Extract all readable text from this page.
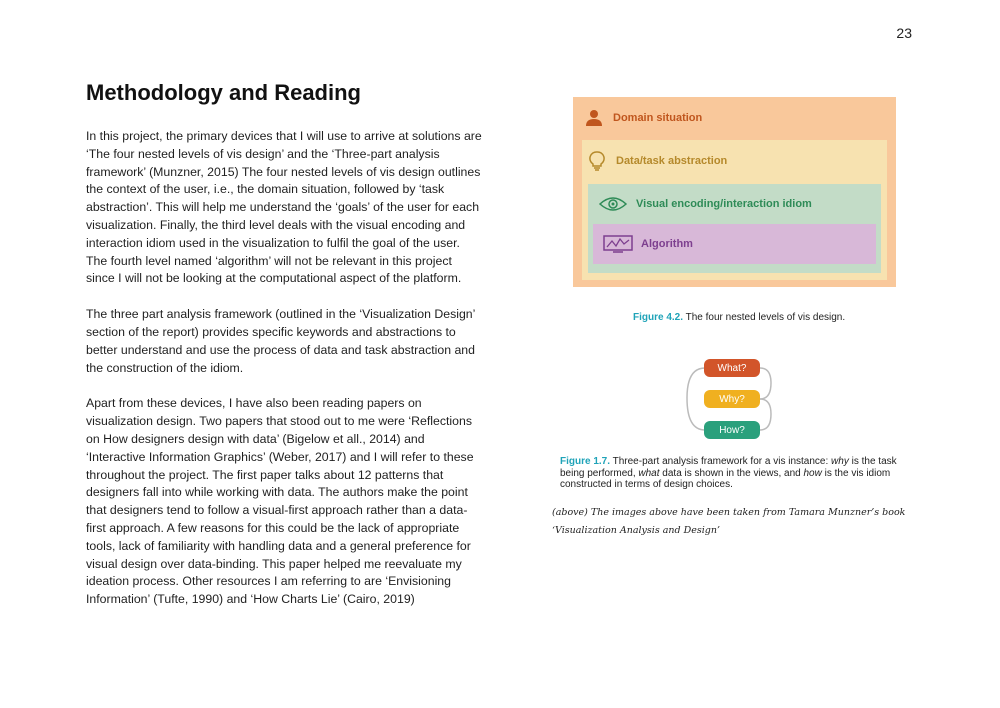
23
Methodology and Reading

In this project, the primary devices that I will use to arrive at solutions are ‘The four nested levels of vis design’ and the ‘Three-part analysis framework’ (Munzner, 2015) The four nested levels of vis design outlines the context of the user, i.e., the domain situation, followed by ‘task abstraction’. This will help me understand the ‘goals’ of the user for each visualization. Finally, the third level deals with the visual encoding and interaction idiom used in the visualization to fulfil the goal of the user. The fourth level named ‘algorithm’ will not be relevant in this project since I will not be looking at the computational aspect of the platform.

The three part analysis framework (outlined in the ‘Visualization Design’ section of the report) provides specific keywords and abstractions to better understand and use the process of data and task abstraction and the construction of the idiom.

Apart from these devices, I have also been reading papers on visualization design. Two papers that stood out to me were ‘Reflections on How designers design with data’ (Bigelow et all., 2014) and ‘Interactive Information Graphics’ (Weber, 2017) and I will refer to these throughout the project. The first paper talks about 12 patterns that designers fall into while working with data. The authors make the point that designers tend to follow a visual-first approach rather than a data-first approach. A few reasons for this could be the lack of appropriate tools, lack of familiarity with handling data and a general preference for visual design over data-binding. This paper helped me reevaluate my ideation process. Other resources I am referring to are ‘Envisioning Information’ (Tufte, 1990) and ‘How Charts Lie’ (Cairo, 2019)

Domain situation
Data/task abstraction
Visual encoding/interaction idiom
Algorithm
Figure 4.2. The four nested levels of vis design.
What?
Why?
How?
Figure 1.7. Three-part analysis framework for a vis instance: why is the task being performed, what data is shown in the views, and how is the vis idiom constructed in terms of design choices.
(above) The images above have been taken from Tamara Munzner’s book
‘Visualization Analysis and Design’
